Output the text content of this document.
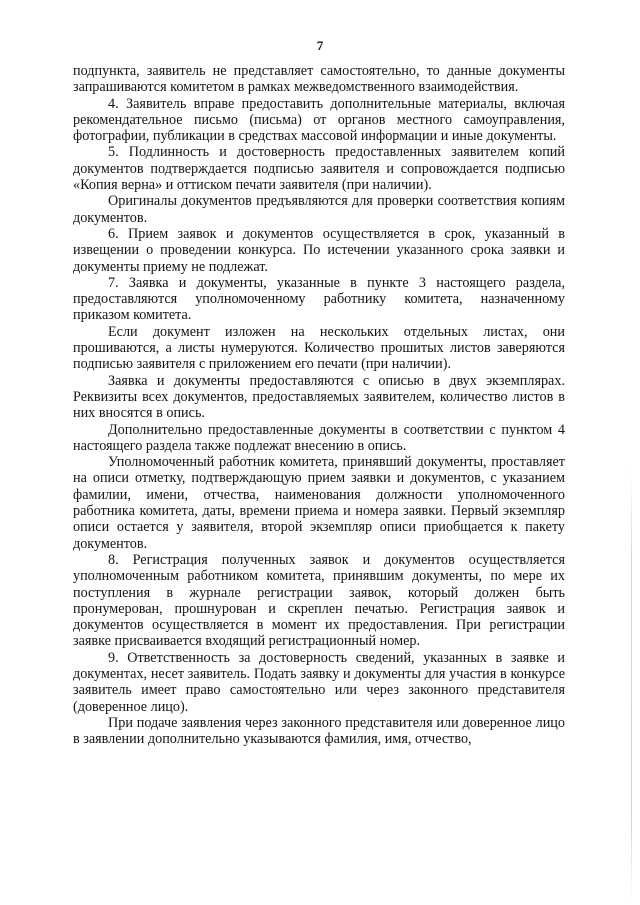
7

подпункта, заявитель не представляет самостоятельно, то данные документы запрашиваются комитетом в рамках межведомственного взаимодействия.

4. Заявитель вправе предоставить дополнительные материалы, включая рекомендательное письмо (письма) от органов местного самоуправления, фотографии, публикации в средствах массовой информации и иные документы.

5. Подлинность и достоверность предоставленных заявителем копий документов подтверждается подписью заявителя и сопровождается подписью «Копия верна» и оттиском печати заявителя (при наличии).

Оригиналы документов предъявляются для проверки соответствия копиям документов.

6. Прием заявок и документов осуществляется в срок, указанный в извещении о проведении конкурса. По истечении указанного срока заявки и документы приему не подлежат.

7. Заявка и документы, указанные в пункте 3 настоящего раздела, предоставляются уполномоченному работнику комитета, назначенному приказом комитета.

Если документ изложен на нескольких отдельных листах, они прошиваются, а листы нумеруются. Количество прошитых листов заверяются подписью заявителя с приложением его печати (при наличии).

Заявка и документы предоставляются с описью в двух экземплярах. Реквизиты всех документов, предоставляемых заявителем, количество листов в них вносятся в опись.

Дополнительно предоставленные документы в соответствии с пунктом 4 настоящего раздела также подлежат внесению в опись.

Уполномоченный работник комитета, принявший документы, проставляет на описи отметку, подтверждающую прием заявки и документов, с указанием фамилии, имени, отчества, наименования должности уполномоченного работника комитета, даты, времени приема и номера заявки. Первый экземпляр описи остается у заявителя, второй экземпляр описи приобщается к пакету документов.

8. Регистрация полученных заявок и документов осуществляется уполномоченным работником комитета, принявшим документы, по мере их поступления в журнале регистрации заявок, который должен быть пронумерован, прошнурован и скреплен печатью. Регистрация заявок и документов осуществляется в момент их предоставления. При регистрации заявке присваивается входящий регистрационный номер.

9. Ответственность за достоверность сведений, указанных в заявке и документах, несет заявитель. Подать заявку и документы для участия в конкурсе заявитель имеет право самостоятельно или через законного представителя (доверенное лицо).

При подаче заявления через законного представителя или доверенное лицо в заявлении дополнительно указываются фамилия, имя, отчество,
